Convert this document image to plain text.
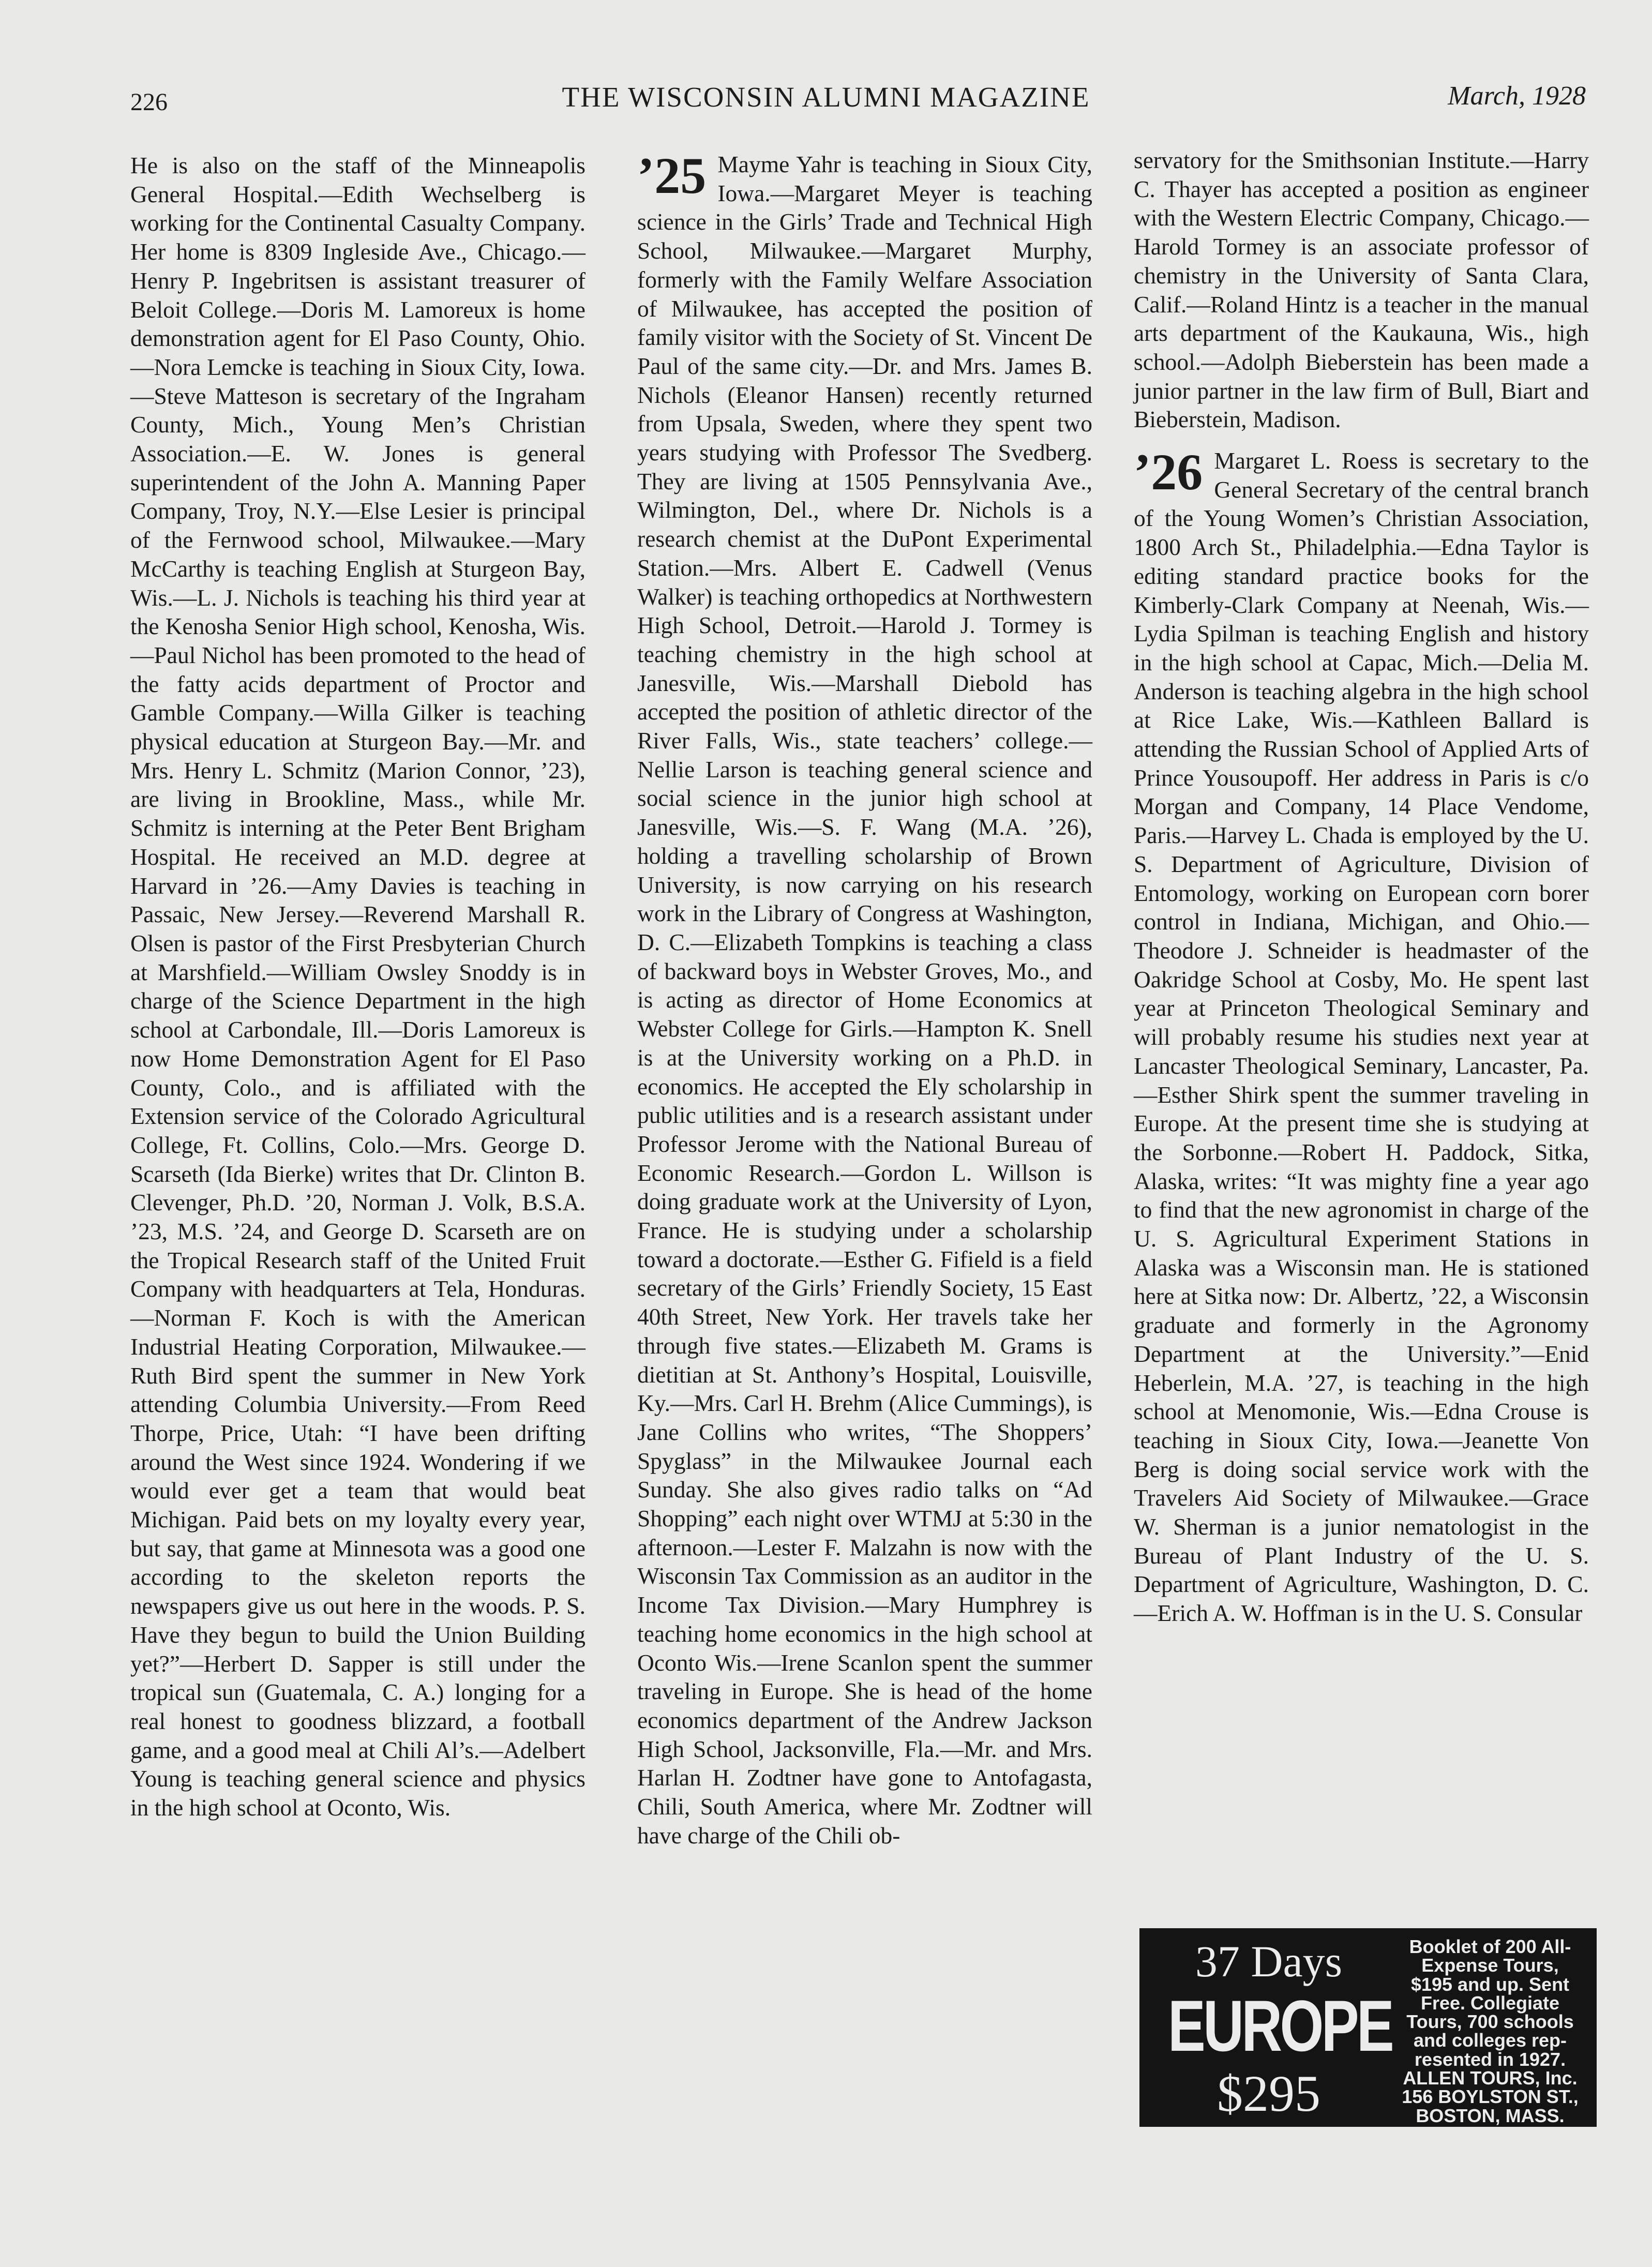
226	THE WISCONSIN ALUMNI MAGAZINE	March, 1928

He is also on the staff of the Minneapolis General Hospital.—Edith Wechselberg is working for the Continental Casualty Company. Her home is 8309 Ingleside Ave., Chicago.—Henry P. Ingebritsen is assistant treasurer of Beloit College.—Doris M. Lamoreux is home demonstration agent for El Paso County, Ohio.—Nora Lemcke is teaching in Sioux City, Iowa.—Steve Matteson is secretary of the Ingraham County, Mich., Young Men’s Christian Association.—E. W. Jones is general superintendent of the John A. Manning Paper Company, Troy, N.Y.—Else Lesier is principal of the Fernwood school, Milwaukee.—Mary McCarthy is teaching English at Sturgeon Bay, Wis.—L. J. Nichols is teaching his third year at the Kenosha Senior High school, Kenosha, Wis.—Paul Nichol has been promoted to the head of the fatty acids department of Proctor and Gamble Company.—Willa Gilker is teaching physical education at Sturgeon Bay.—Mr. and Mrs. Henry L. Schmitz (Marion Connor, ’23), are living in Brookline, Mass., while Mr. Schmitz is interning at the Peter Bent Brigham Hospital. He received an M.D. degree at Harvard in ’26.—Amy Davies is teaching in Passaic, New Jersey.—Reverend Marshall R. Olsen is pastor of the First Presbyterian Church at Marshfield.—William Owsley Snoddy is in charge of the Science Department in the high school at Carbondale, Ill.—Doris Lamoreux is now Home Demonstration Agent for El Paso County, Colo., and is affiliated with the Extension service of the Colorado Agricultural College, Ft. Collins, Colo.—Mrs. George D. Scarseth (Ida Bierke) writes that Dr. Clinton B. Clevenger, Ph.D. ’20, Norman J. Volk, B.S.A. ’23, M.S. ’24, and George D. Scarseth are on the Tropical Research staff of the United Fruit Company with headquarters at Tela, Honduras.—Norman F. Koch is with the American Industrial Heating Corporation, Milwaukee.—Ruth Bird spent the summer in New York attending Columbia University.—From Reed Thorpe, Price, Utah: “I have been drifting around the West since 1924. Wondering if we would ever get a team that would beat Michigan. Paid bets on my loyalty every year, but say, that game at Minnesota was a good one according to the skeleton reports the newspapers give us out here in the woods. P. S. Have they begun to build the Union Building yet?”—Herbert D. Sapper is still under the tropical sun (Guatemala, C. A.) longing for a real honest to goodness blizzard, a football game, and a good meal at Chili Al’s.—Adelbert Young is teaching general science and physics in the high school at Oconto, Wis.

’25 Mayme Yahr is teaching in Sioux City, Iowa.—Margaret Meyer is teaching science in the Girls’ Trade and Technical High School, Milwaukee.—Margaret Murphy, formerly with the Family Welfare Association of Milwaukee, has accepted the position of family visitor with the Society of St. Vincent De Paul of the same city.—Dr. and Mrs. James B. Nichols (Eleanor Hansen) recently returned from Upsala, Sweden, where they spent two years studying with Professor The Svedberg. They are living at 1505 Pennsylvania Ave., Wilmington, Del., where Dr. Nichols is a research chemist at the DuPont Experimental Station.—Mrs. Albert E. Cadwell (Venus Walker) is teaching orthopedics at Northwestern High School, Detroit.—Harold J. Tormey is teaching chemistry in the high school at Janesville, Wis.—Marshall Diebold has accepted the position of athletic director of the River Falls, Wis., state teachers’ college.—Nellie Larson is teaching general science and social science in the junior high school at Janesville, Wis.—S. F. Wang (M.A. ’26), holding a travelling scholarship of Brown University, is now carrying on his research work in the Library of Congress at Washington, D. C.—Elizabeth Tompkins is teaching a class of backward boys in Webster Groves, Mo., and is acting as director of Home Economics at Webster College for Girls.—Hampton K. Snell is at the University working on a Ph.D. in economics. He accepted the Ely scholarship in public utilities and is a research assistant under Professor Jerome with the National Bureau of Economic Research.—Gordon L. Willson is doing graduate work at the University of Lyon, France. He is studying under a scholarship toward a doctorate.—Esther G. Fifield is a field secretary of the Girls’ Friendly Society, 15 East 40th Street, New York. Her travels take her through five states.—Elizabeth M. Grams is dietitian at St. Anthony’s Hospital, Louisville, Ky.—Mrs. Carl H. Brehm (Alice Cummings), is Jane Collins who writes, “The Shoppers’ Spyglass” in the Milwaukee Journal each Sunday. She also gives radio talks on “Ad Shopping” each night over WTMJ at 5:30 in the afternoon.—Lester F. Malzahn is now with the Wisconsin Tax Commission as an auditor in the Income Tax Division.—Mary Humphrey is teaching home economics in the high school at Oconto Wis.—Irene Scanlon spent the summer traveling in Europe. She is head of the home economics department of the Andrew Jackson High School, Jacksonville, Fla.—Mr. and Mrs. Harlan H. Zodtner have gone to Antofagasta, Chili, South America, where Mr. Zodtner will have charge of the Chili ob-

servatory for the Smithsonian Institute.—Harry C. Thayer has accepted a position as engineer with the Western Electric Company, Chicago.—Harold Tormey is an associate professor of chemistry in the University of Santa Clara, Calif.—Roland Hintz is a teacher in the manual arts department of the Kaukauna, Wis., high school.—Adolph Bieberstein has been made a junior partner in the law firm of Bull, Biart and Bieberstein, Madison.

’26 Margaret L. Roess is secretary to the General Secretary of the central branch of the Young Women’s Christian Association, 1800 Arch St., Philadelphia.—Edna Taylor is editing standard practice books for the Kimberly-Clark Company at Neenah, Wis.—Lydia Spilman is teaching English and history in the high school at Capac, Mich.—Delia M. Anderson is teaching algebra in the high school at Rice Lake, Wis.—Kathleen Ballard is attending the Russian School of Applied Arts of Prince Yousoupoff. Her address in Paris is c/o Morgan and Company, 14 Place Vendome, Paris.—Harvey L. Chada is employed by the U. S. Department of Agriculture, Division of Entomology, working on European corn borer control in Indiana, Michigan, and Ohio.—Theodore J. Schneider is headmaster of the Oakridge School at Cosby, Mo. He spent last year at Princeton Theological Seminary and will probably resume his studies next year at Lancaster Theological Seminary, Lancaster, Pa.—Esther Shirk spent the summer traveling in Europe. At the present time she is studying at the Sorbonne.—Robert H. Paddock, Sitka, Alaska, writes: “It was mighty fine a year ago to find that the new agronomist in charge of the U. S. Agricultural Experiment Stations in Alaska was a Wisconsin man. He is stationed here at Sitka now: Dr. Albertz, ’22, a Wisconsin graduate and formerly in the Agronomy Department at the University.”—Enid Heberlein, M.A. ’27, is teaching in the high school at Menomonie, Wis.—Edna Crouse is teaching in Sioux City, Iowa.—Jeanette Von Berg is doing social service work with the Travelers Aid Society of Milwaukee.—Grace W. Sherman is a junior nematologist in the Bureau of Plant Industry of the U. S. Department of Agriculture, Washington, D. C.—Erich A. W. Hoffman is in the U. S. Consular

37 Days
EUROPE
$295
Booklet of 200 All-
Expense Tours,
$195 and up. Sent
Free. Collegiate
Tours, 700 schools
and colleges rep-
resented in 1927.
ALLEN TOURS, Inc.
156 BOYLSTON ST.,
BOSTON, MASS.
